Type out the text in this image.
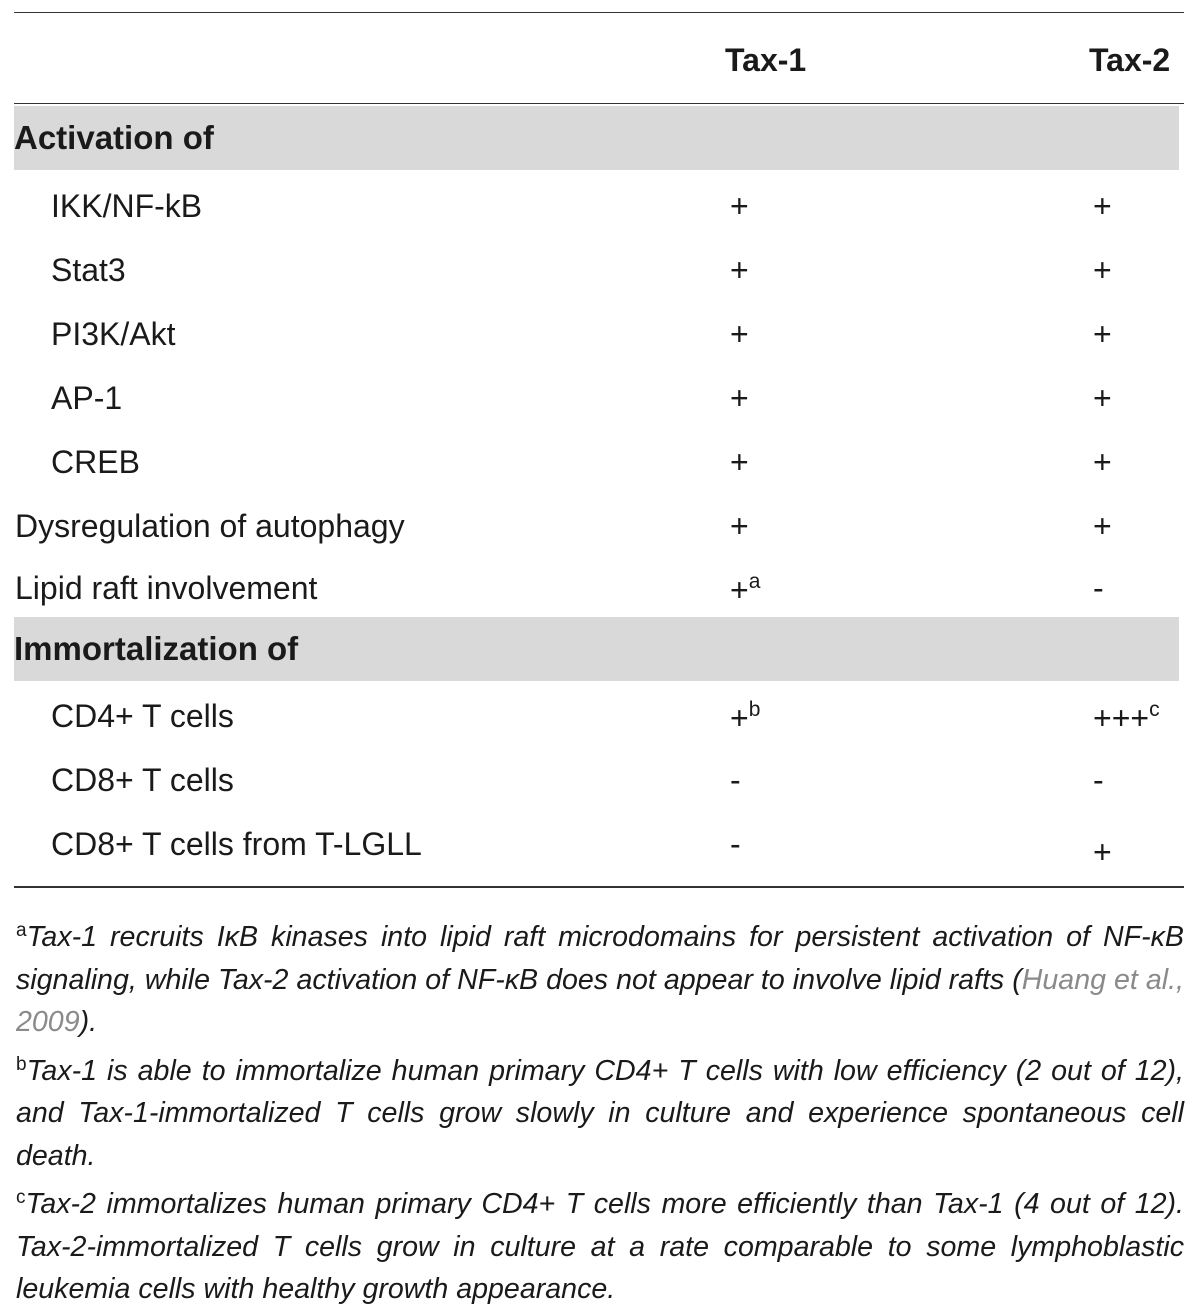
Tax-1	Tax-2
Activation of
IKK/NF-kB	+	+
Stat3	+	+
PI3K/Akt	+	+
AP-1	+	+
CREB	+	+
Dysregulation of autophagy	+	+
Lipid raft involvement	+$^a$	-
Immortalization of
CD4+ T cells	+$^b$	+++$^c$
CD8+ T cells	-	-
CD8+ T cells from T-LGLL	-	+
$^a$Tax-1 recruits IκB kinases into lipid raft microdomains for persistent activation of NF-κB signaling, while Tax-2 activation of NF-κB does not appear to involve lipid rafts (Huang et al., 2009).
$^b$Tax-1 is able to immortalize human primary CD4+ T cells with low efficiency (2 out of 12), and Tax-1-immortalized T cells grow slowly in culture and experience spontaneous cell death.
$^c$Tax-2 immortalizes human primary CD4+ T cells more efficiently than Tax-1 (4 out of 12). Tax-2-immortalized T cells grow in culture at a rate comparable to some lymphoblastic leukemia cells with healthy growth appearance.
